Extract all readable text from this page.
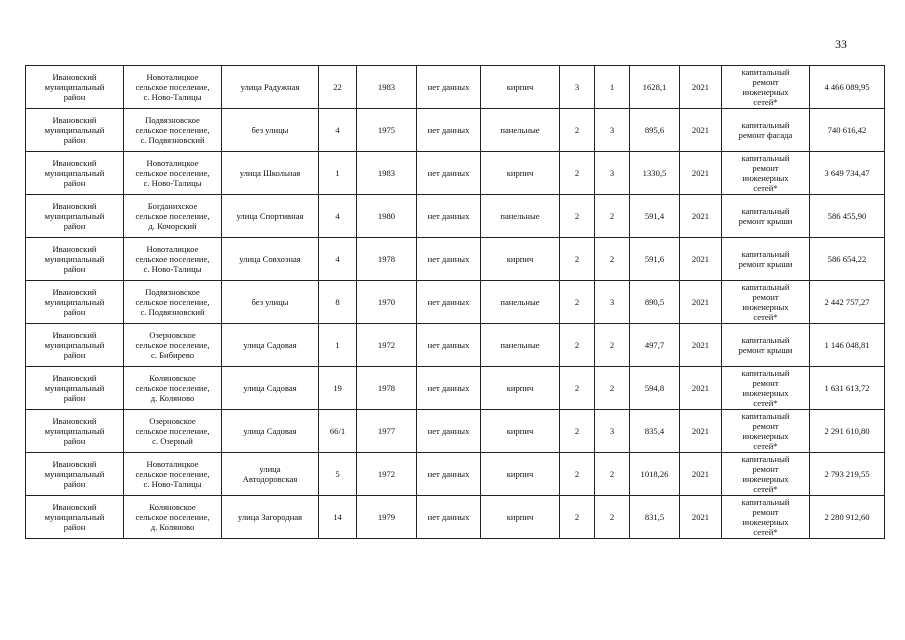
33
Ивановский
муниципальный
район	Новоталицкое
сельское поселение,
с. Ново-Талицы	улица Радужная	22	1983	нет данных	кирпич	3	1	1628,1	2021	капитальный
ремонт
инженерных
сетей*	4 466 089,95
Ивановский
муниципальный
район	Подвязновское
сельское поселение,
с. Подвязновский	без улицы	4	1975	нет данных	панельные	2	3	895,6	2021	капитальный
ремонт фасада	740 616,42
Ивановский
муниципальный
район	Новоталицкое
сельское поселение,
с. Ново-Талицы	улица Школьная	1	1983	нет данных	кирпич	2	3	1330,5	2021	капитальный
ремонт
инженерных
сетей*	3 649 734,47
Ивановский
муниципальный
район	Богданихское
сельское поселение,
д. Кочорский	улица Спортивная	4	1980	нет данных	панельные	2	2	591,4	2021	капитальный
ремонт крыши	586 455,90
Ивановский
муниципальный
район	Новоталицкое
сельское поселение,
с. Ново-Талицы	улица Совхозная	4	1978	нет данных	кирпич	2	2	591,6	2021	капитальный
ремонт крыши	586 654,22
Ивановский
муниципальный
район	Подвязновское
сельское поселение,
с. Подвязновский	без улицы	8	1970	нет данных	панельные	2	3	890,5	2021	капитальный
ремонт
инженерных
сетей*	2 442 757,27
Ивановский
муниципальный
район	Озерновское
сельское поселение,
с. Бибирево	улица Садовая	1	1972	нет данных	панельные	2	2	497,7	2021	капитальный
ремонт крыши	1 146 048,81
Ивановский
муниципальный
район	Коляновское
сельское поселение,
д. Коляново	улица Садовая	19	1978	нет данных	кирпич	2	2	594,8	2021	капитальный
ремонт
инженерных
сетей*	1 631 613,72
Ивановский
муниципальный
район	Озерновское
сельское поселение,
с. Озерный	улица Садовая	66/1	1977	нет данных	кирпич	2	3	835,4	2021	капитальный
ремонт
инженерных
сетей*	2 291 610,80
Ивановский
муниципальный
район	Новоталицкое
сельское поселение,
с. Ново-Талицы	улица
Автодоровская	5	1972	нет данных	кирпич	2	2	1018,26	2021	капитальный
ремонт
инженерных
сетей*	2 793 219,55
Ивановский
муниципальный
район	Коляновское
сельское поселение,
д. Коляново	улица Загородная	14	1979	нет данных	кирпич	2	2	831,5	2021	капитальный
ремонт
инженерных
сетей*	2 280 912,60
